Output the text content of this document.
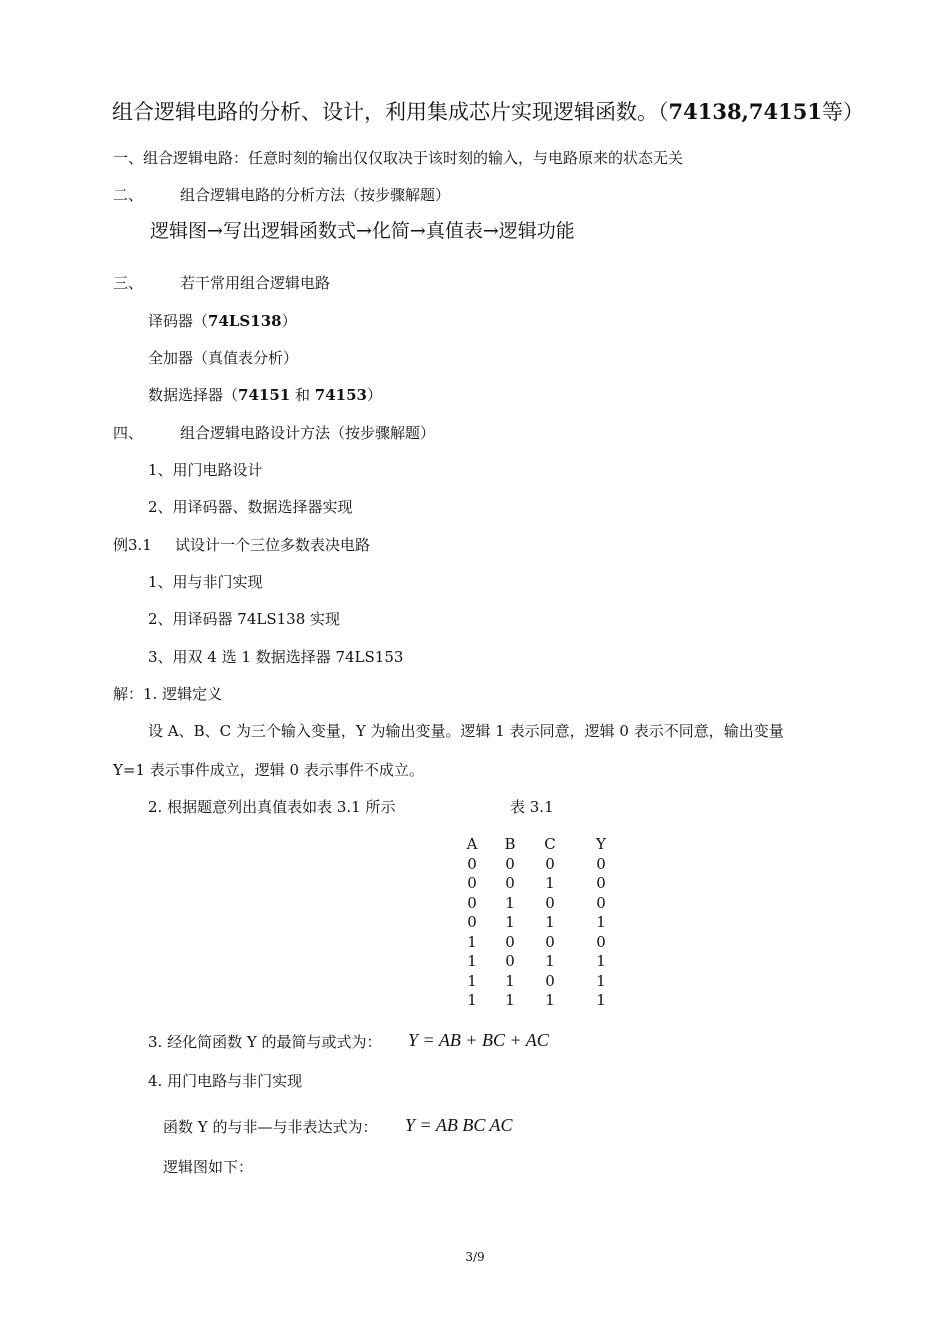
组合逻辑电路的分析、设计，利用集成芯片实现逻辑函数。（74138,74151等）
一、组合逻辑电路：任意时刻的输出仅仅取决于该时刻的输入，与电路原来的状态无关
二、 组合逻辑电路的分析方法（按步骤解题）
逻辑图→写出逻辑函数式→化简→真值表→逻辑功能
三、 若干常用组合逻辑电路
译码器（74LS138）
全加器（真值表分析）
数据选择器（74151 和 74153）
四、 组合逻辑电路设计方法（按步骤解题）
1、用门电路设计
2、用译码器、数据选择器实现
例3.1 试设计一个三位多数表决电路
1、用与非门实现
2、用译码器 74LS138 实现
3、用双 4 选 1 数据选择器 74LS153
解：1. 逻辑定义
设 A、B、C 为三个输入变量，Y 为输出变量。逻辑 1 表示同意，逻辑 0 表示不同意，输出变量
Y=1 表示事件成立，逻辑 0 表示事件不成立。
2. 根据题意列出真值表如表 3.1 所示	表 3.1
A	B C	Y
0	0	0	0
0	0	1	0
0	1	0	0
0	1	1	1
1	0	0	0
1	0	1	1
1	1	0	1
1	1	1	1
3. 经化简函数 Y 的最简与或式为： Y = AB + BC + AC
4. 用门电路与非门实现
函数 Y 的与非—与非表达式为： Y = AB BC AC
逻辑图如下：
3/9
